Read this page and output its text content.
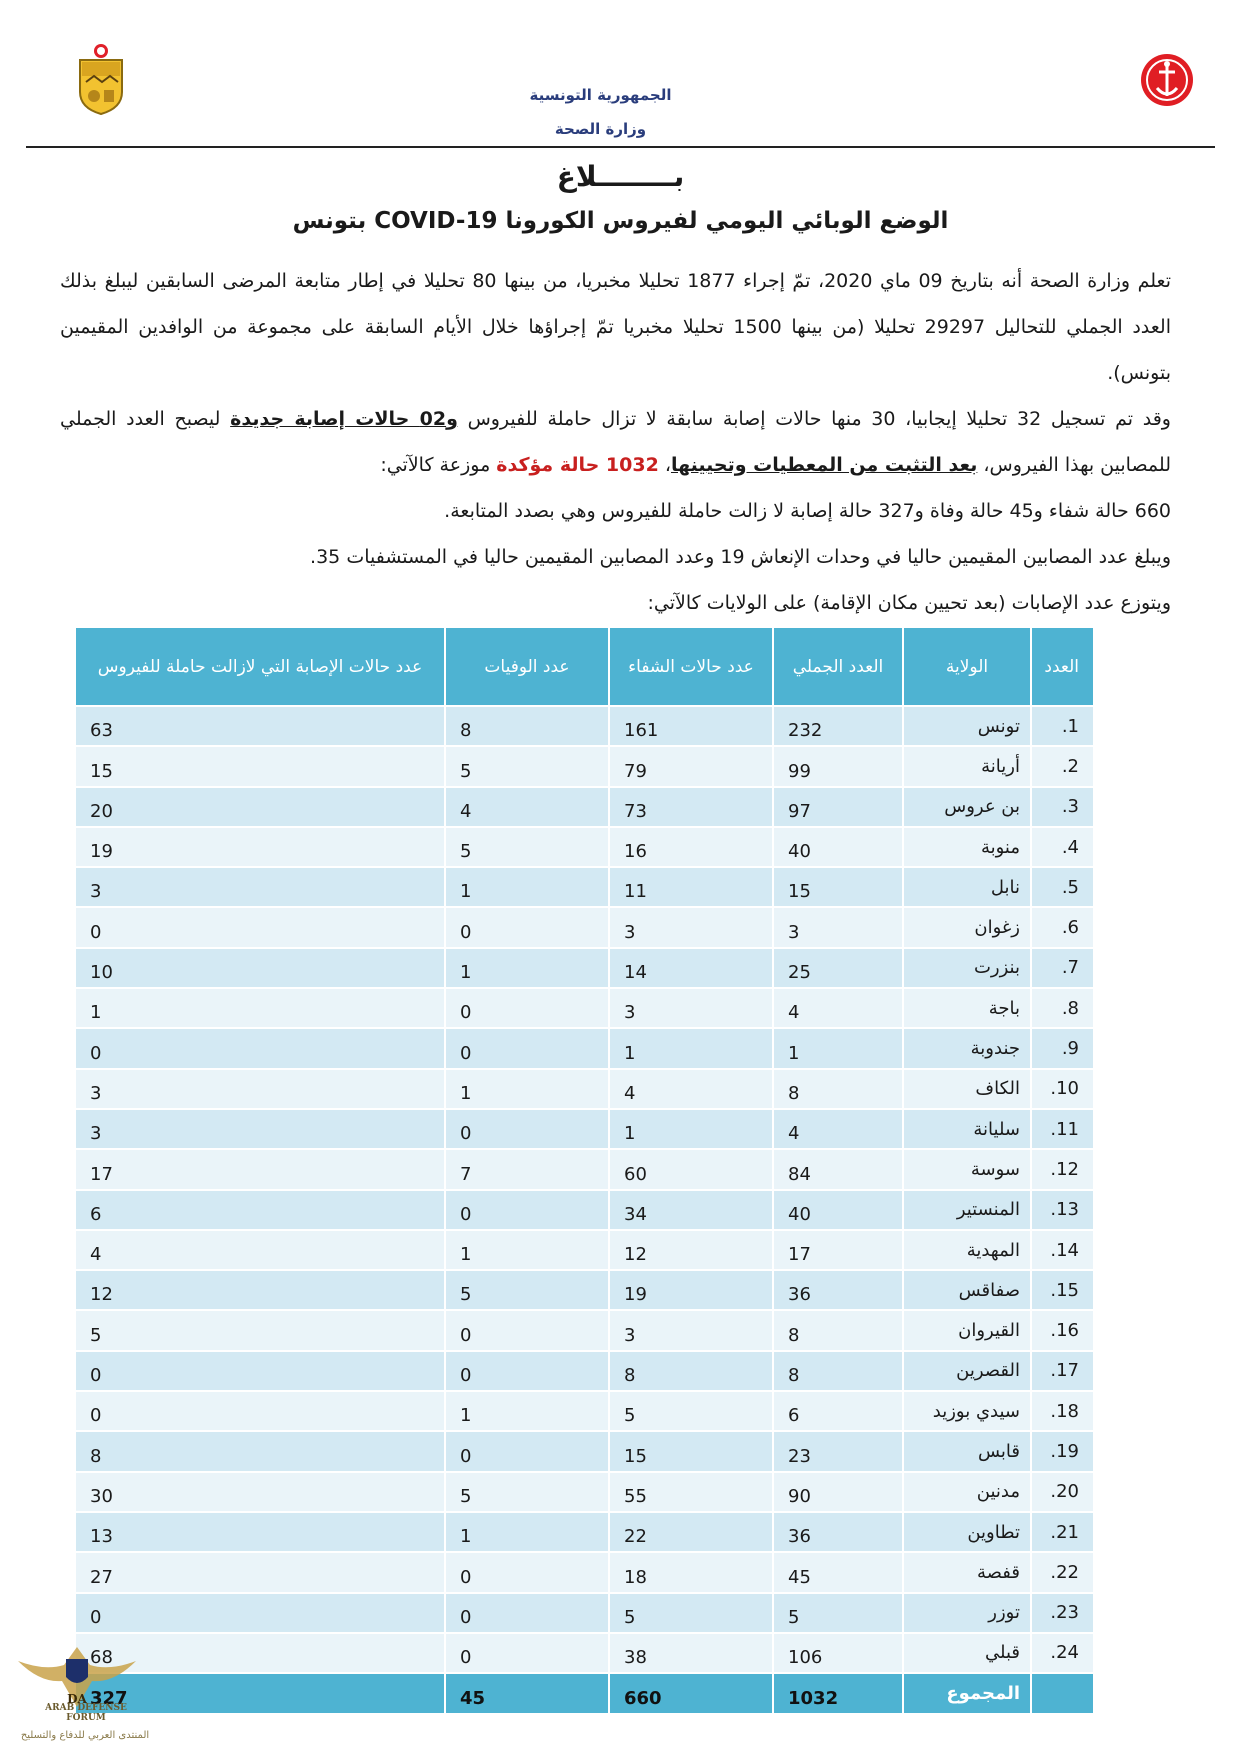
الجمهورية التونسية
وزارة الصحة
بــــــــلاغ
الوضع الوبائي اليومي لفيروس الكورونا COVID-19 بتونس

تعلم وزارة الصحة أنه بتاريخ 09 ماي 2020، تمّ إجراء 1877 تحليلا مخبريا، من بينها 80 تحليلا في إطار متابعة المرضى السابقين ليبلغ بذلك العدد الجملي للتحاليل 29297 تحليلا (من بينها 1500 تحليلا مخبريا تمّ إجراؤها خلال الأيام السابقة على مجموعة من الوافدين المقيمين بتونس).

وقد تم تسجيل 32 تحليلا إيجابيا، 30 منها حالات إصابة سابقة لا تزال حاملة للفيروس و02 حالات إصابة جديدة ليصبح العدد الجملي للمصابين بهذا الفيروس، بعد التثبت من المعطيات وتحيينها، 1032 حالة مؤكدة موزعة كالآتي:

660 حالة شفاء و45 حالة وفاة و327 حالة إصابة لا زالت حاملة للفيروس وهي بصدد المتابعة.

ويبلغ عدد المصابين المقيمين حاليا في وحدات الإنعاش 19 وعدد المصابين المقيمين حاليا في المستشفيات 35.

ويتوزع عدد الإصابات (بعد تحيين مكان الإقامة) على الولايات كالآتي:

العدد	الولاية	العدد الجملي	عدد حالات الشفاء	عدد الوفيات	عدد حالات الإصابة التي لازالت حاملة للفيروس
1.	تونس	232	161	8	63
2.	أريانة	99	79	5	15
3.	بن عروس	97	73	4	20
4.	منوبة	40	16	5	19
5.	نابل	15	11	1	3
6.	زغوان	3	3	0	0
7.	بنزرت	25	14	1	10
8.	باجة	4	3	0	1
9.	جندوبة	1	1	0	0
10.	الكاف	8	4	1	3
11.	سليانة	4	1	0	3
12.	سوسة	84	60	7	17
13.	المنستير	40	34	0	6
14.	المهدية	17	12	1	4
15.	صفاقس	36	19	5	12
16.	القيروان	8	3	0	5
17.	القصرين	8	8	0	0
18.	سيدي بوزيد	6	5	1	0
19.	قابس	23	15	0	8
20.	مدنين	90	55	5	30
21.	تطاوين	36	22	1	13
22.	قفصة	45	18	0	27
23.	توزر	5	5	0	0
24.	قبلي	106	38	0	68
	المجموع	1032	660	45	327
DA
ARAB DEFENSE FORUM
المنتدى العربي للدفاع والتسليح
